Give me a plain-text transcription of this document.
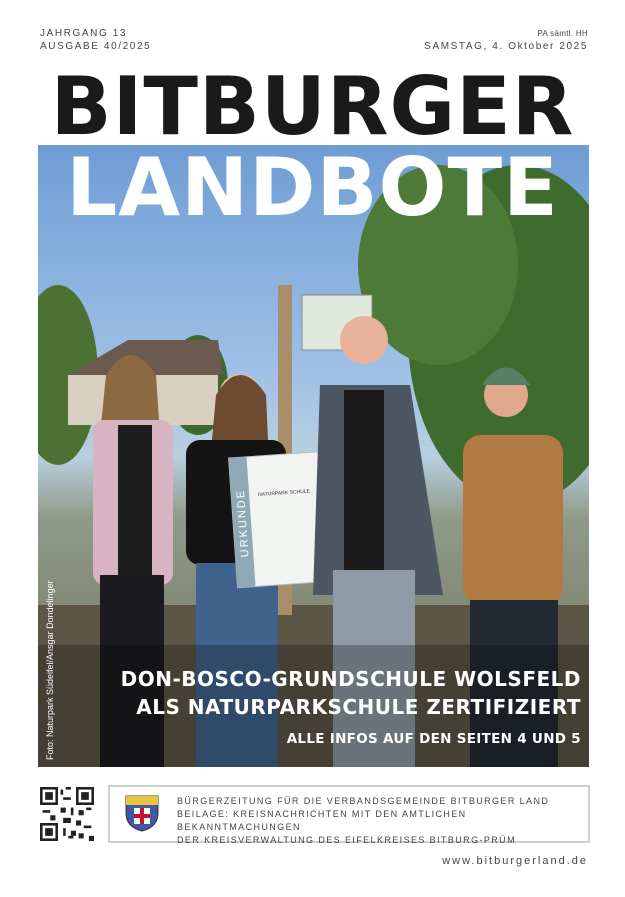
JAHRGANG 13
AUSGABE 40/2025
PA sämtl. HH
SAMSTAG, 4. Oktober 2025
BITBURGER
URKUNDE NATURPARK SCHULE
LANDBOTE
Foto: Naturpark Südeifel/Ansgar Dondelinger	DON-BOSCO-GRUNDSCHULE WOLSFELD
ALS NATURPARKSCHULE ZERTIFIZIERT
ALLE INFOS AUF DEN SEITEN 4 UND 5
BÜRGERZEITUNG FÜR DIE VERBANDSGEMEINDE BITBURGER LAND
BEILAGE: KREISNACHRICHTEN MIT DEN AMTLICHEN BEKANNTMACHUNGEN
DER KREISVERWALTUNG DES EIFELKREISES BITBURG-PRÜM
www.bitburgerland.de
